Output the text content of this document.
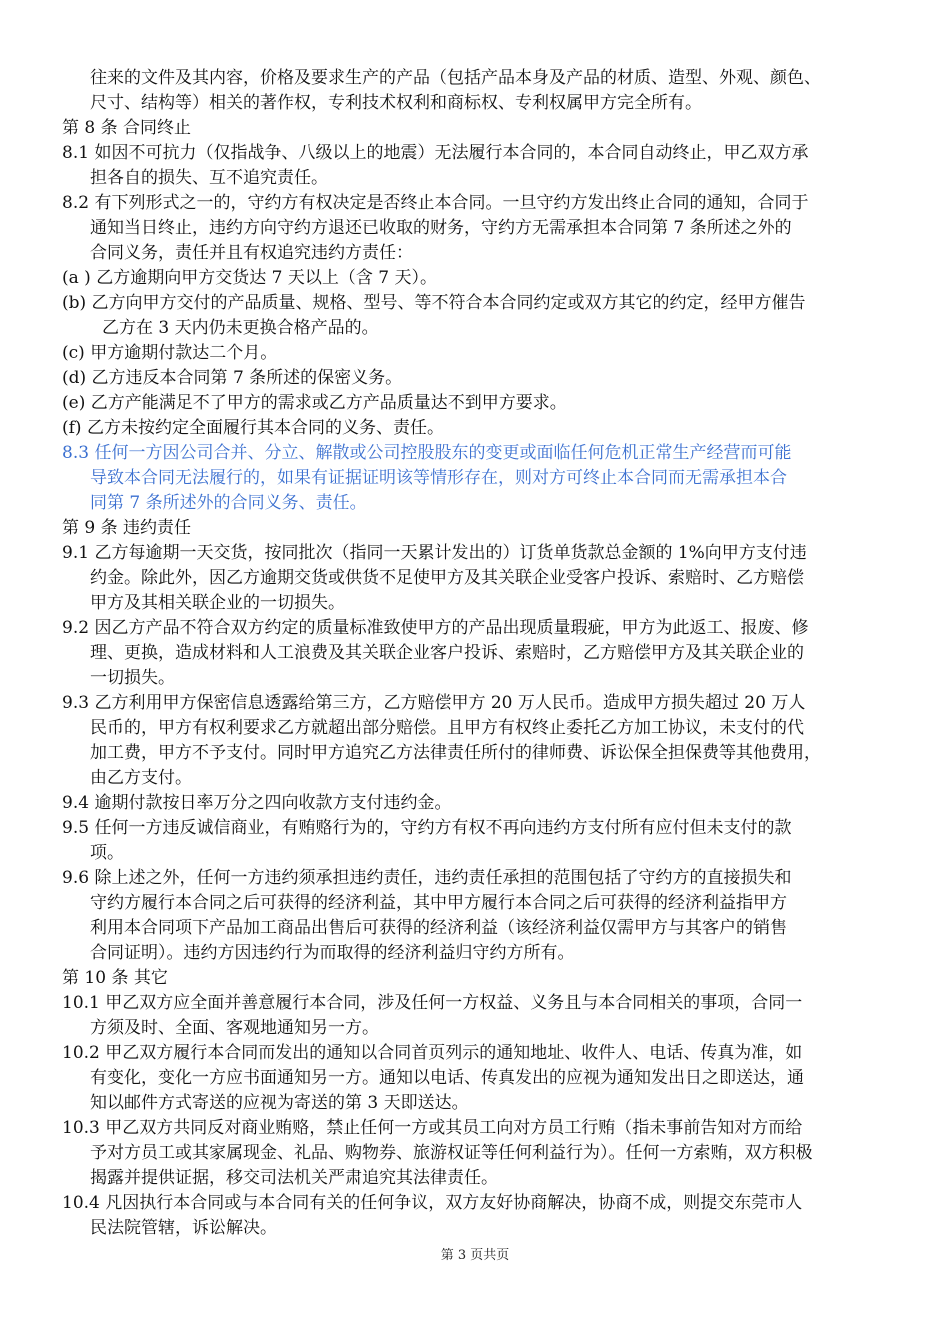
往来的文件及其内容，价格及要求生产的产品（包括产品本身及产品的材质、造型、外观、颜色、
尺寸、结构等）相关的著作权，专利技术权利和商标权、专利权属甲方完全所有。
第 8 条 合同终止
8.1 如因不可抗力（仅指战争、八级以上的地震）无法履行本合同的，本合同自动终止，甲乙双方承
担各自的损失、互不追究责任。
8.2 有下列形式之一的，守约方有权决定是否终止本合同。一旦守约方发出终止合同的通知，合同于
通知当日终止，违约方向守约方退还已收取的财务，守约方无需承担本合同第 7 条所述之外的
合同义务，责任并且有权追究违约方责任：
(a ) 乙方逾期向甲方交货达 7 天以上（含 7 天）。
(b) 乙方向甲方交付的产品质量、规格、型号、等不符合本合同约定或双方其它的约定，经甲方催告
乙方在 3 天内仍未更换合格产品的。
(c) 甲方逾期付款达二个月。
(d) 乙方违反本合同第 7 条所述的保密义务。
(e) 乙方产能满足不了甲方的需求或乙方产品质量达不到甲方要求。
(f) 乙方未按约定全面履行其本合同的义务、责任。
8.3 任何一方因公司合并、分立、解散或公司控股股东的变更或面临任何危机正常生产经营而可能
导致本合同无法履行的，如果有证据证明该等情形存在，则对方可终止本合同而无需承担本合
同第 7 条所述外的合同义务、责任。
第 9 条 违约责任
9.1 乙方每逾期一天交货，按同批次（指同一天累计发出的）订货单货款总金额的 1%向甲方支付违
约金。除此外，因乙方逾期交货或供货不足使甲方及其关联企业受客户投诉、索赔时、乙方赔偿
甲方及其相关联企业的一切损失。
9.2 因乙方产品不符合双方约定的质量标准致使甲方的产品出现质量瑕疵，甲方为此返工、报废、修
理、更换，造成材料和人工浪费及其关联企业客户投诉、索赔时，乙方赔偿甲方及其关联企业的
一切损失。
9.3 乙方利用甲方保密信息透露给第三方，乙方赔偿甲方 20 万人民币。造成甲方损失超过 20 万人
民币的，甲方有权利要求乙方就超出部分赔偿。且甲方有权终止委托乙方加工协议，未支付的代
加工费，甲方不予支付。同时甲方追究乙方法律责任所付的律师费、诉讼保全担保费等其他费用，
由乙方支付。
9.4 逾期付款按日率万分之四向收款方支付违约金。
9.5 任何一方违反诚信商业，有贿赂行为的，守约方有权不再向违约方支付所有应付但未支付的款
项。
9.6 除上述之外，任何一方违约须承担违约责任，违约责任承担的范围包括了守约方的直接损失和
守约方履行本合同之后可获得的经济利益，其中甲方履行本合同之后可获得的经济利益指甲方
利用本合同项下产品加工商品出售后可获得的经济利益（该经济利益仅需甲方与其客户的销售
合同证明）。违约方因违约行为而取得的经济利益归守约方所有。
第 10 条 其它
10.1 甲乙双方应全面并善意履行本合同，涉及任何一方权益、义务且与本合同相关的事项，合同一
方须及时、全面、客观地通知另一方。
10.2 甲乙双方履行本合同而发出的通知以合同首页列示的通知地址、收件人、电话、传真为准，如
有变化，变化一方应书面通知另一方。通知以电话、传真发出的应视为通知发出日之即送达，通
知以邮件方式寄送的应视为寄送的第 3 天即送达。
10.3 甲乙双方共同反对商业贿赂，禁止任何一方或其员工向对方员工行贿（指未事前告知对方而给
予对方员工或其家属现金、礼品、购物券、旅游权证等任何利益行为）。任何一方索贿，双方积极
揭露并提供证据，移交司法机关严肃追究其法律责任。
10.4 凡因执行本合同或与本合同有关的任何争议，双方友好协商解决，协商不成，则提交东莞市人
民法院管辖，诉讼解决。
第 3 页共页
